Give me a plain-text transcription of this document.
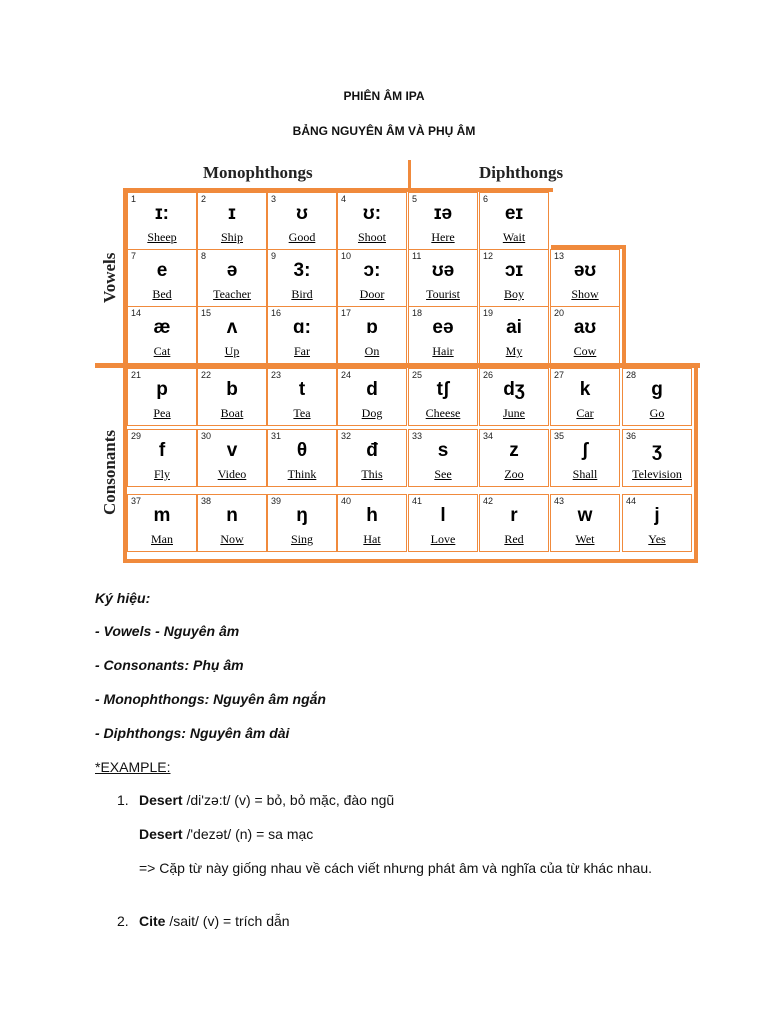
PHIÊN ÂM IPA
BẢNG NGUYÊN ÂM VÀ PHỤ ÂM
Monophthongs	Diphthongs
Vowels
Consonants
1
ɪ:
Sheep
2
ɪ
Ship
3
ʊ
Good
4
ʊ:
Shoot
5
ɪə
Here
6
eɪ
Wait
7
e
Bed
8
ə
Teacher
9
3:
Bird
10
ɔ:
Door
11
ʊə
Tourist
12
ɔɪ
Boy
13
əʊ
Show
14
æ
Cat
15
ʌ
Up
16
ɑ:
Far
17
ɒ
On
18
eə
Hair
19
ai
My
20
aʊ
Cow
21
p
Pea
22
b
Boat
23
t
Tea
24
d
Dog
25
tʃ
Cheese
26
dʒ
June
27
k
Car
28
g
Go
29
f
Fly
30
v
Video
31
θ
Think
32
đ
This
33
s
See
34
z
Zoo
35
ʃ
Shall
36
ʒ
Television
37
m
Man
38
n
Now
39
ŋ
Sing
40
h
Hat
41
l
Love
42
r
Red
43
w
Wet
44
j
Yes
Ký hiệu:
- Vowels - Nguyên âm
- Consonants: Phụ âm
- Monophthongs: Nguyên âm ngắn
- Diphthongs: Nguyên âm dài
*EXAMPLE:
1. Desert /di'zə:t/ (v) = bỏ, bỏ mặc, đào ngũ
Desert /'dezət/ (n) = sa mạc
=> Cặp từ này giống nhau về cách viết nhưng phát âm và nghĩa của từ khác nhau.
2. Cite /sait/ (v) = trích dẫn
